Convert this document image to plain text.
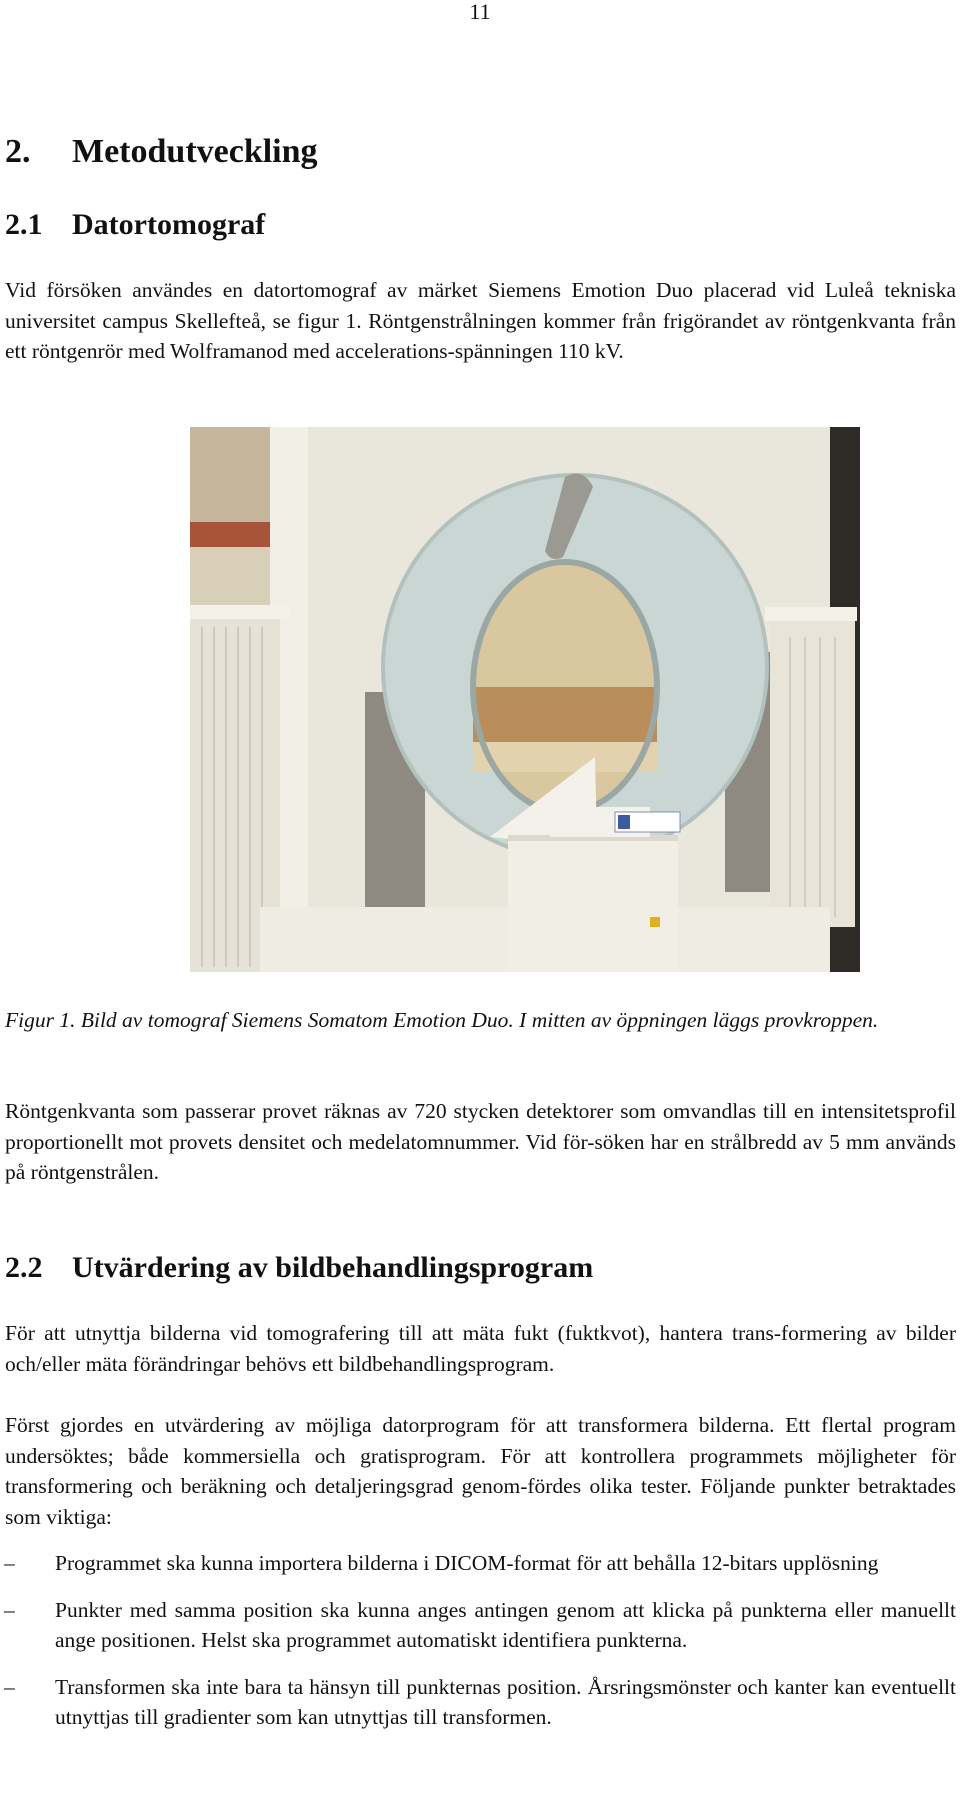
11
2. Metodutveckling
2.1 Datortomograf

Vid försöken användes en datortomograf av märket Siemens Emotion Duo placerad vid Luleå tekniska universitet campus Skellefteå, se figur 1. Röntgenstrålningen kommer från frigörandet av röntgenkvanta från ett röntgenrör med Wolframanod med accelerations-spänningen 110 kV.

Figur 1. Bild av tomograf Siemens Somatom Emotion Duo. I mitten av öppningen läggs provkroppen.

Röntgenkvanta som passerar provet räknas av 720 stycken detektorer som omvandlas till en intensitetsprofil proportionellt mot provets densitet och medelatomnummer. Vid för-söken har en strålbredd av 5 mm används på röntgenstrålen.

2.2 Utvärdering av bildbehandlingsprogram

För att utnyttja bilderna vid tomografering till att mäta fukt (fuktkvot), hantera trans-formering av bilder och/eller mäta förändringar behövs ett bildbehandlingsprogram.

Först gjordes en utvärdering av möjliga datorprogram för att transformera bilderna. Ett flertal program undersöktes; både kommersiella och gratisprogram. För att kontrollera programmets möjligheter för transformering och beräkning och detaljeringsgrad genom-fördes olika tester. Följande punkter betraktades som viktiga:

– Programmet ska kunna importera bilderna i DICOM-format för att behålla 12-bitars upplösning
– Punkter med samma position ska kunna anges antingen genom att klicka på punkterna eller manuellt ange positionen. Helst ska programmet automatiskt identifiera punkterna.
– Transformen ska inte bara ta hänsyn till punkternas position. Årsringsmönster och kanter kan eventuellt utnyttjas till gradienter som kan utnyttjas till transformen.
